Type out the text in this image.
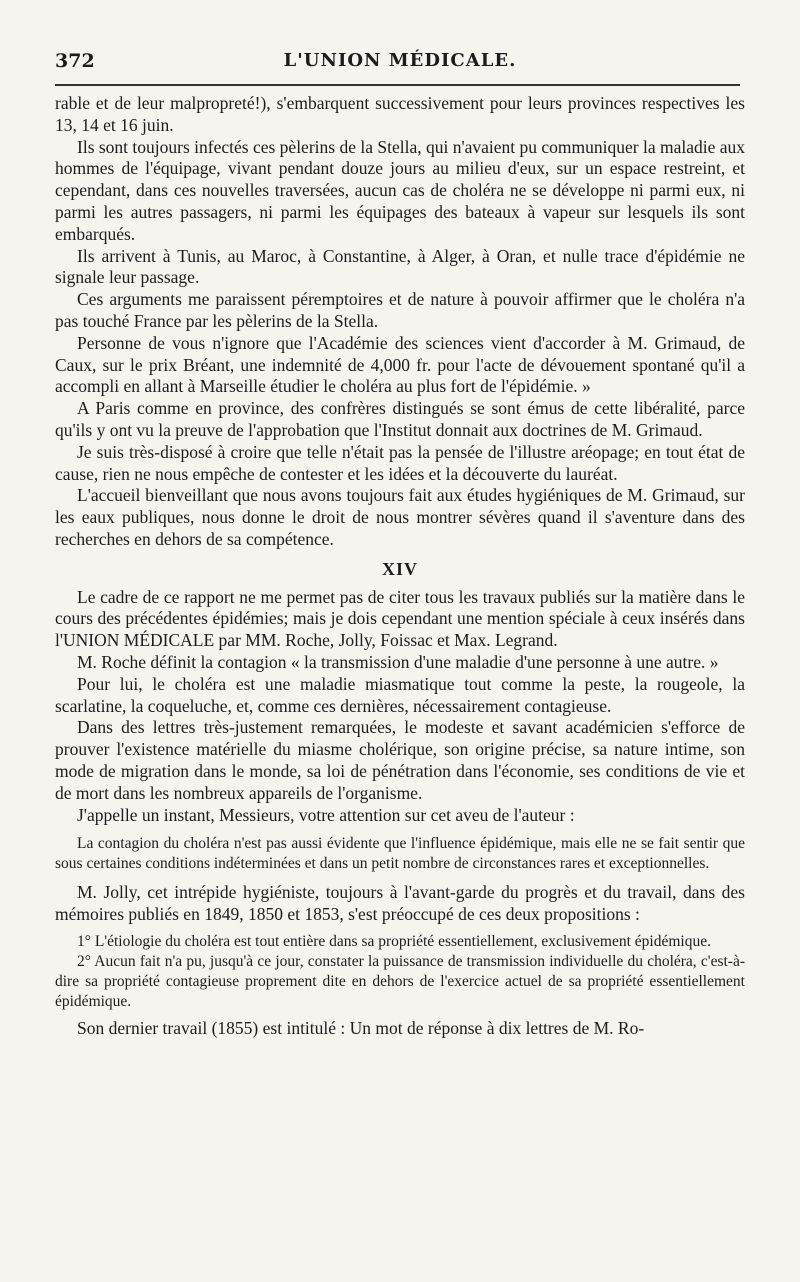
372	L'UNION MÉDICALE.

rable et de leur malpropreté!), s'embarquent successivement pour leurs provinces respectives les 13, 14 et 16 juin.

Ils sont toujours infectés ces pèlerins de la Stella, qui n'avaient pu communiquer la maladie aux hommes de l'équipage, vivant pendant douze jours au milieu d'eux, sur un espace restreint, et cependant, dans ces nouvelles traversées, aucun cas de choléra ne se développe ni parmi eux, ni parmi les autres passagers, ni parmi les équipages des bateaux à vapeur sur lesquels ils sont embarqués.

Ils arrivent à Tunis, au Maroc, à Constantine, à Alger, à Oran, et nulle trace d'épidémie ne signale leur passage.

Ces arguments me paraissent péremptoires et de nature à pouvoir affirmer que le choléra n'a pas touché France par les pèlerins de la Stella.

Personne de vous n'ignore que l'Académie des sciences vient d'accorder à M. Grimaud, de Caux, sur le prix Bréant, une indemnité de 4,000 fr. pour l'acte de dévouement spontané qu'il a accompli en allant à Marseille étudier le choléra au plus fort de l'épidémie. »

A Paris comme en province, des confrères distingués se sont émus de cette libéralité, parce qu'ils y ont vu la preuve de l'approbation que l'Institut donnait aux doctrines de M. Grimaud.

Je suis très-disposé à croire que telle n'était pas la pensée de l'illustre aréopage; en tout état de cause, rien ne nous empêche de contester et les idées et la découverte du lauréat.

L'accueil bienveillant que nous avons toujours fait aux études hygiéniques de M. Grimaud, sur les eaux publiques, nous donne le droit de nous montrer sévères quand il s'aventure dans des recherches en dehors de sa compétence.

XIV

Le cadre de ce rapport ne me permet pas de citer tous les travaux publiés sur la matière dans le cours des précédentes épidémies; mais je dois cependant une mention spéciale à ceux insérés dans l'UNION MÉDICALE par MM. Roche, Jolly, Foissac et Max. Legrand.

M. Roche définit la contagion « la transmission d'une maladie d'une personne à une autre. »

Pour lui, le choléra est une maladie miasmatique tout comme la peste, la rougeole, la scarlatine, la coqueluche, et, comme ces dernières, nécessairement contagieuse.

Dans des lettres très-justement remarquées, le modeste et savant académicien s'efforce de prouver l'existence matérielle du miasme cholérique, son origine précise, sa nature intime, son mode de migration dans le monde, sa loi de pénétration dans l'économie, ses conditions de vie et de mort dans les nombreux appareils de l'organisme.

J'appelle un instant, Messieurs, votre attention sur cet aveu de l'auteur :

La contagion du choléra n'est pas aussi évidente que l'influence épidémique, mais elle ne se fait sentir que sous certaines conditions indéterminées et dans un petit nombre de circonstances rares et exceptionnelles.

M. Jolly, cet intrépide hygiéniste, toujours à l'avant-garde du progrès et du travail, dans des mémoires publiés en 1849, 1850 et 1853, s'est préoccupé de ces deux propositions :

1° L'étiologie du choléra est tout entière dans sa propriété essentiellement, exclusivement épidémique.

2° Aucun fait n'a pu, jusqu'à ce jour, constater la puissance de transmission individuelle du choléra, c'est-à-dire sa propriété contagieuse proprement dite en dehors de l'exercice actuel de sa propriété essentiellement épidémique.

Son dernier travail (1855) est intitulé : Un mot de réponse à dix lettres de M. Ro-
